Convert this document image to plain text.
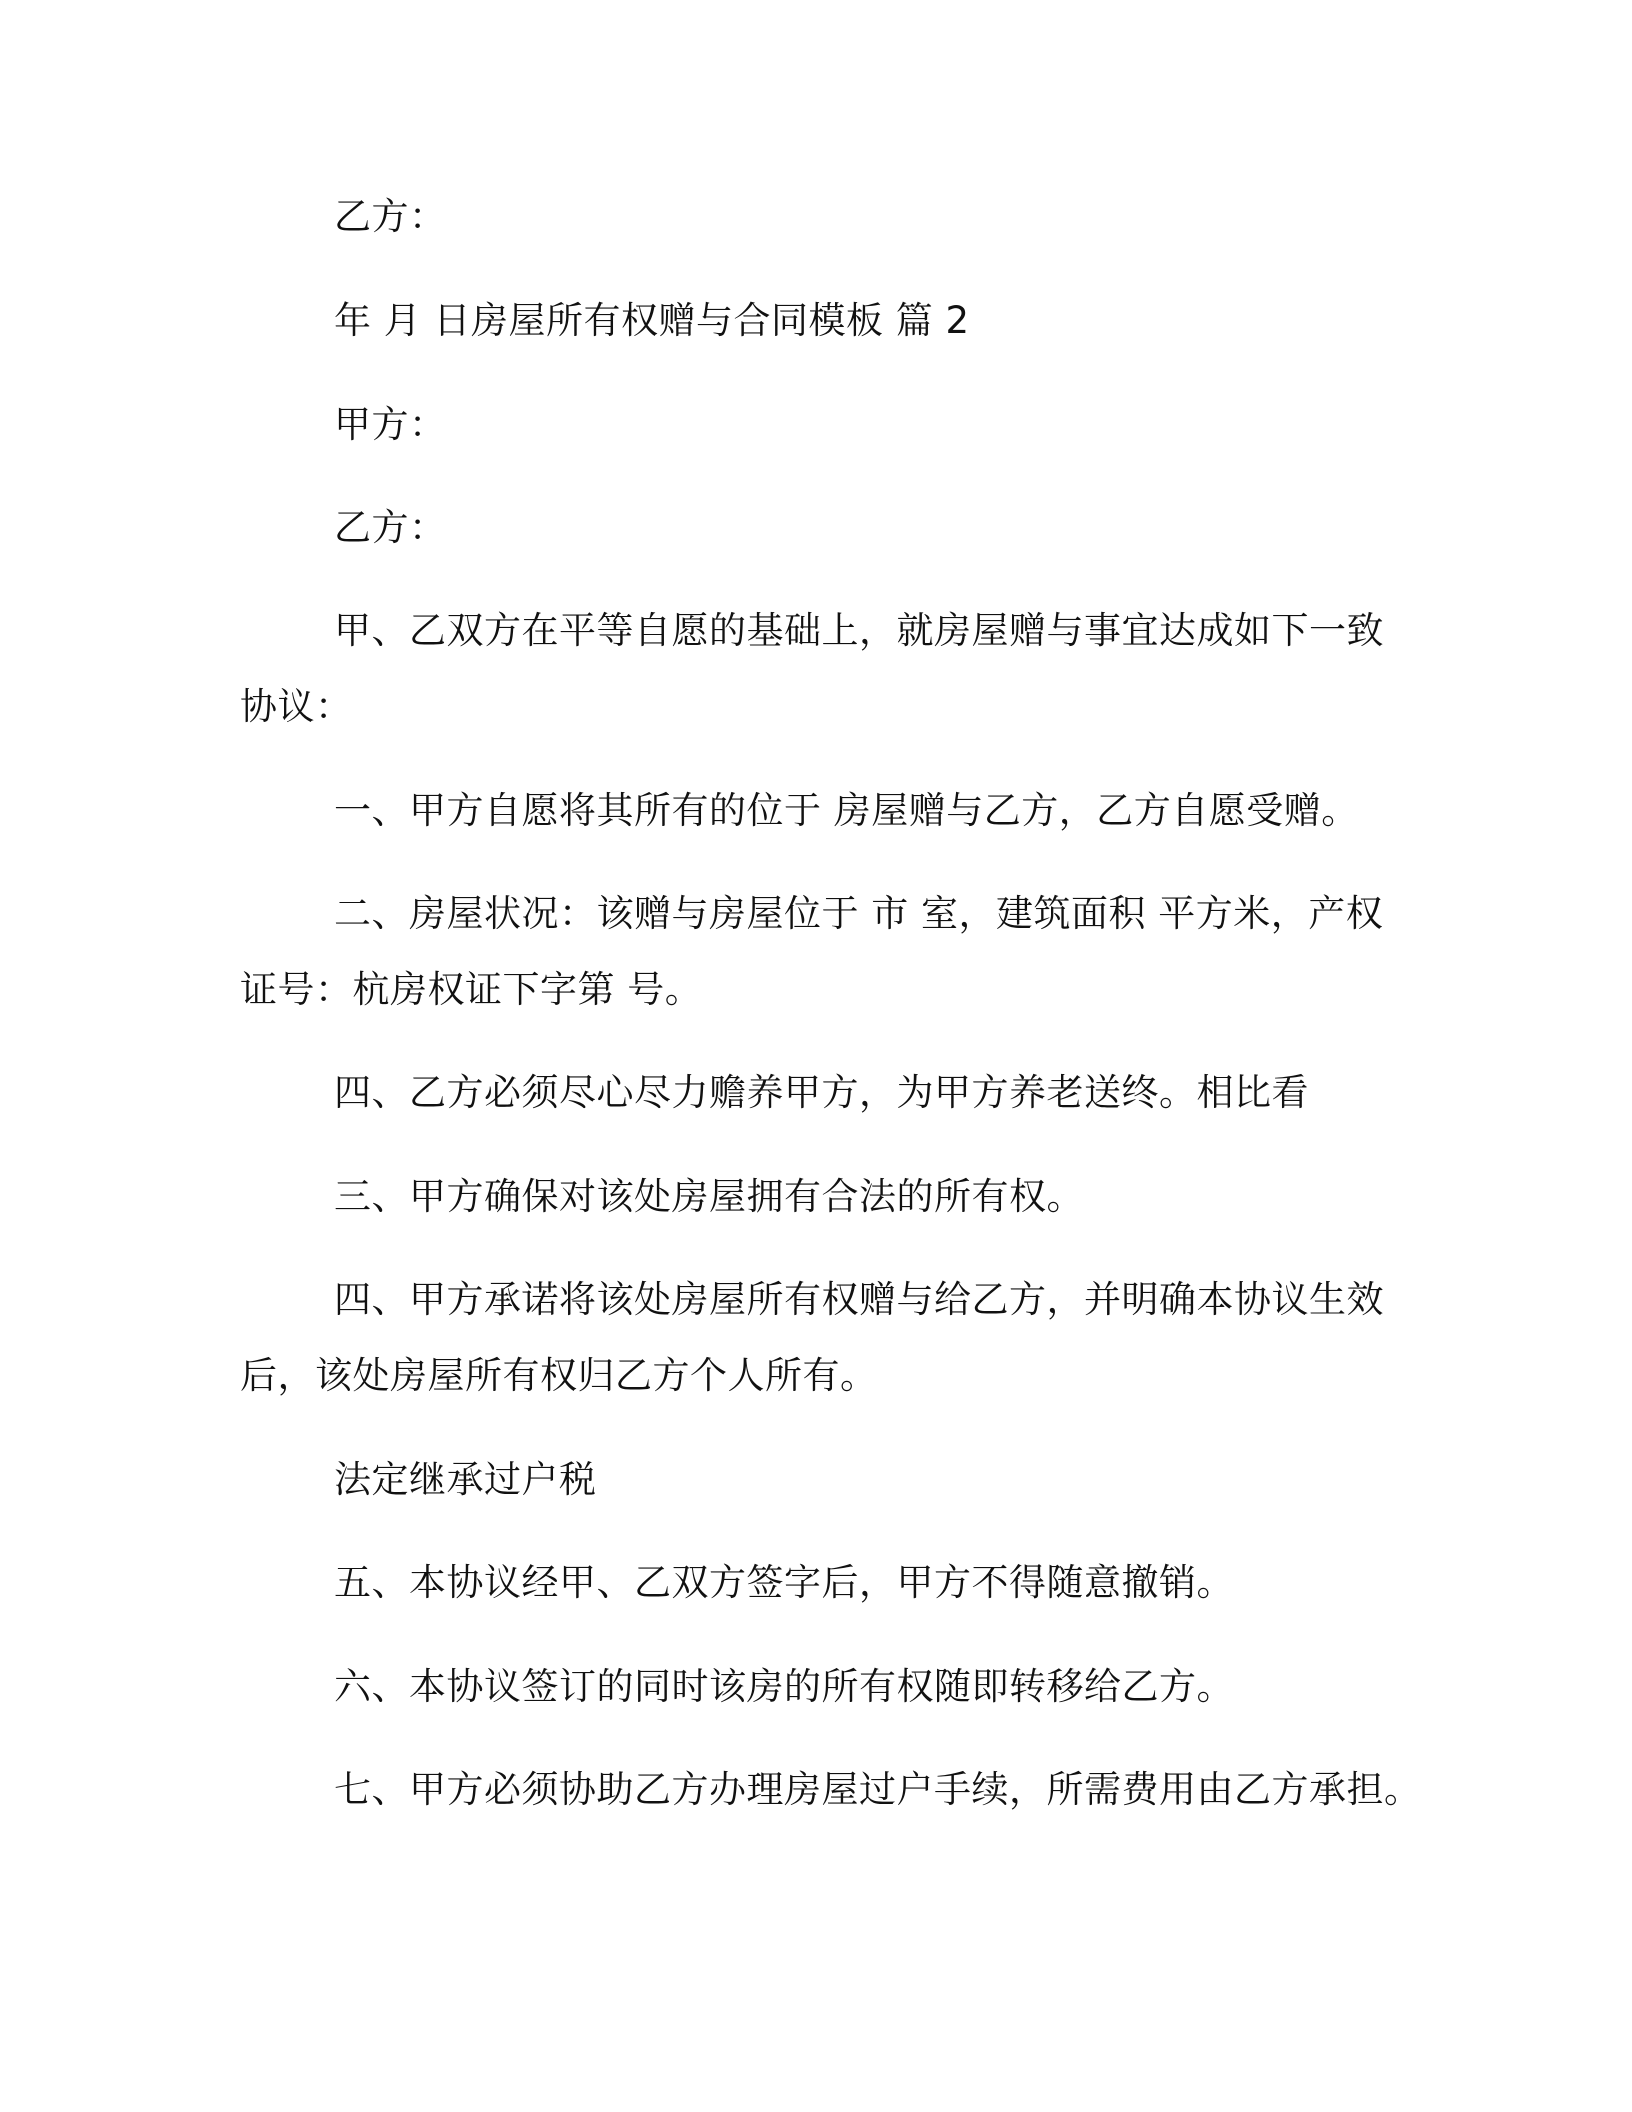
乙方：

年 月 日房屋所有权赠与合同模板 篇 2

甲方：

乙方：

甲、乙双方在平等自愿的基础上，就房屋赠与事宜达成如下一致

协议：

一、甲方自愿将其所有的位于 房屋赠与乙方，乙方自愿受赠。

二、房屋状况：该赠与房屋位于 市 室，建筑面积 平方米，产权

证号：杭房权证下字第 号。

四、乙方必须尽心尽力赡养甲方，为甲方养老送终。相比看

三、甲方确保对该处房屋拥有合法的所有权。

四、甲方承诺将该处房屋所有权赠与给乙方，并明确本协议生效

后，该处房屋所有权归乙方个人所有。

法定继承过户税

五、本协议经甲、乙双方签字后，甲方不得随意撤销。

六、本协议签订的同时该房的所有权随即转移给乙方。

七、甲方必须协助乙方办理房屋过户手续，所需费用由乙方承担。
